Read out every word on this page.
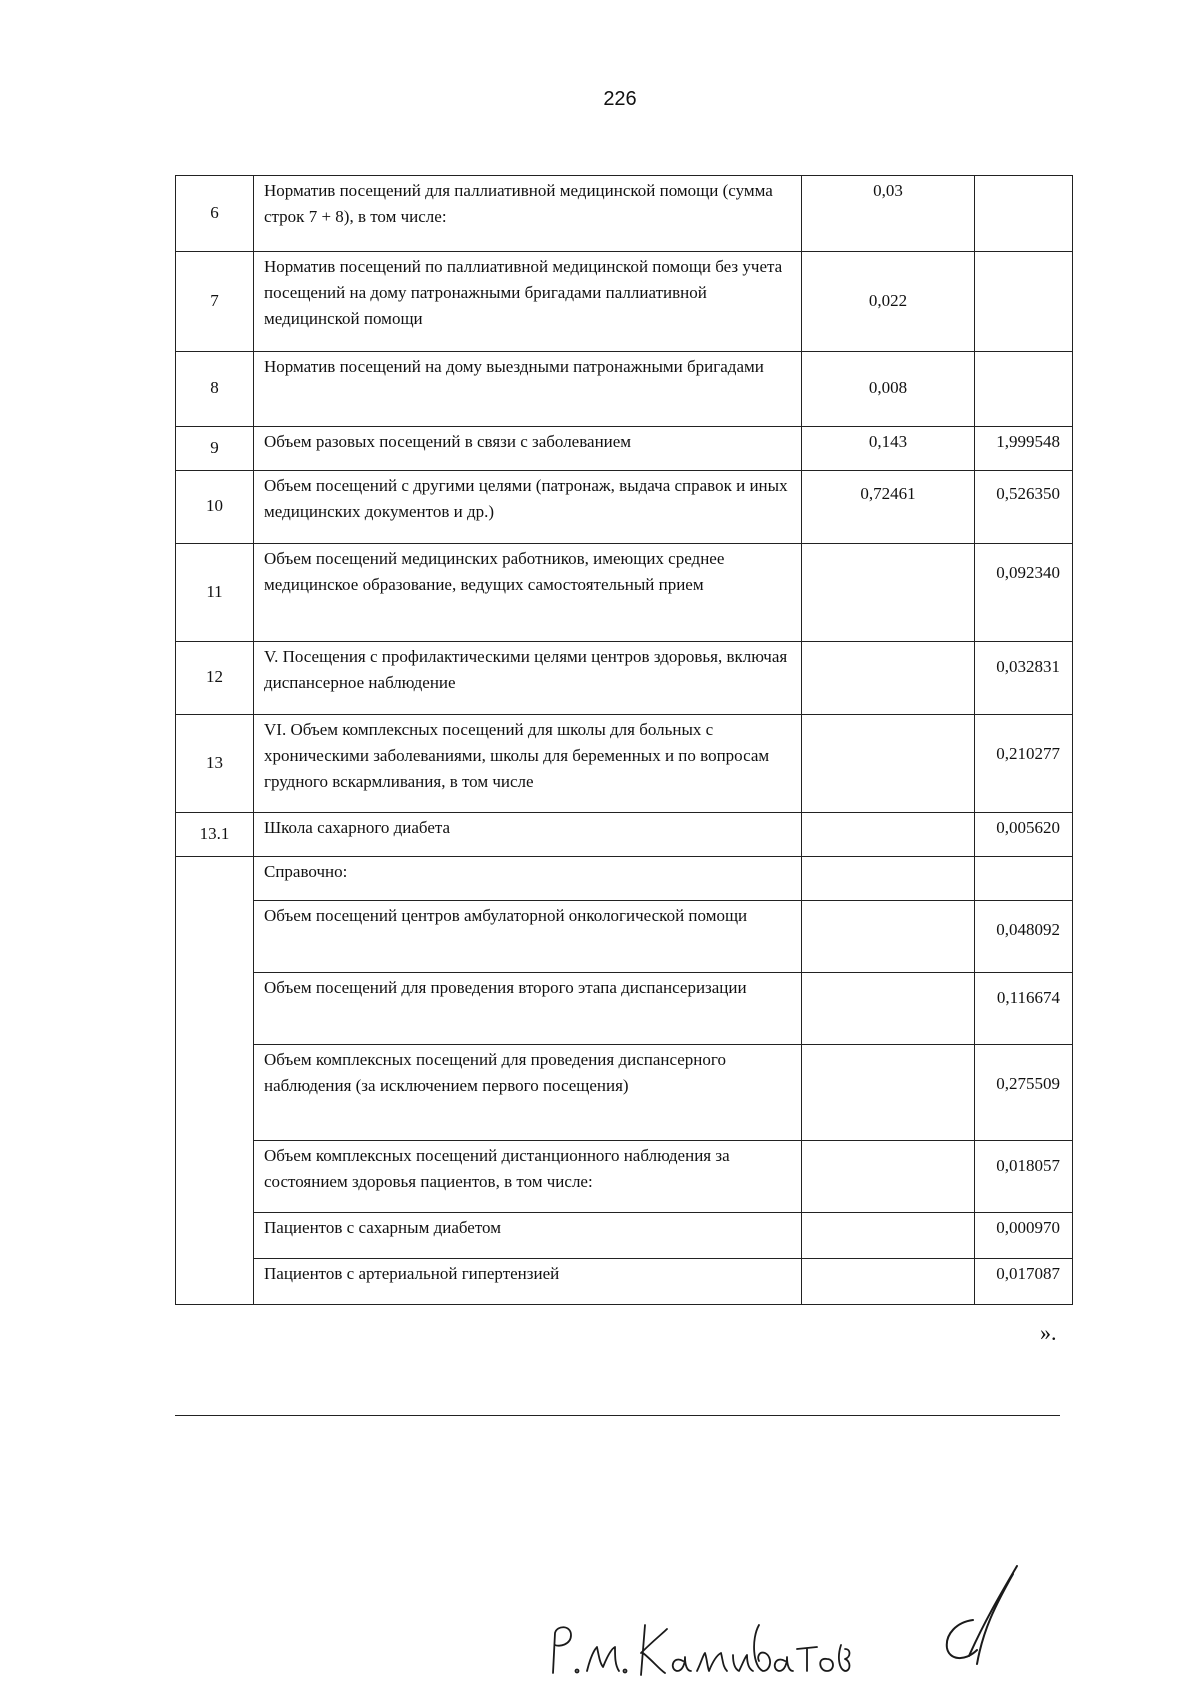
226
6	Норматив посещений для паллиативной медицинской помощи (сумма строк 7 + 8), в том числе:	0,03	
7	Норматив посещений по паллиативной медицинской помощи без учета посещений на дому патронажными бригадами паллиативной медицинской помощи	0,022	
8	Норматив посещений на дому выездными патронажными бригадами	0,008	
9	Объем разовых посещений в связи с заболеванием	0,143	1,999548
10	Объем посещений с другими целями (патронаж, выдача справок и иных медицинских документов и др.)	0,72461	0,526350
11	Объем посещений медицинских работников, имеющих среднее медицинское образование, ведущих самостоятельный прием		0,092340
12	V. Посещения с профилактическими целями центров здоровья, включая диспансерное наблюдение		0,032831
13	VI. Объем комплексных посещений для школы для больных с хроническими заболеваниями, школы для беременных и по вопросам грудного вскармливания, в том числе		0,210277
13.1	Школа сахарного диабета		0,005620
	Справочно:		
	Объем посещений центров амбулаторной онкологической помощи		0,048092
	Объем посещений для проведения второго этапа диспансеризации		0,116674
	Объем комплексных посещений для проведения диспансерного наблюдения (за исключением первого посещения)		0,275509
	Объем комплексных посещений дистанционного наблюдения за состоянием здоровья пациентов, в том числе:		0,018057
	Пациентов с сахарным диабетом		0,000970
	Пациентов с артериальной гипертензией		0,017087
».
